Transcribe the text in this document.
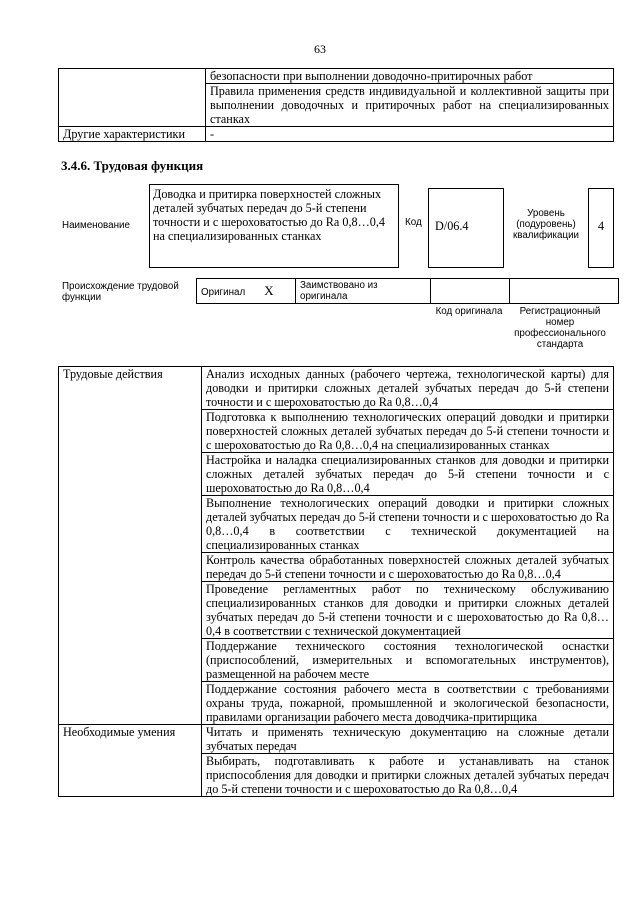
63
	безопасности при выполнении доводочно-притирочных работ
	Правила применения средств индивидуальной и коллективной защиты при выполнении доводочных и притирочных работ на специализированных станках
Другие характеристики	-
3.4.6. Трудовая функция
Наименование
Доводка и притирка поверхностей сложных деталей зубчатых передач до 5-й степени точности и с шероховатостью до Ra 0,8…0,4 на специализированных станках
Код D/06.4
Уровень (подуровень) квалификации
4
Происхождение трудовой функции	Оригинал X	Заимствовано из оригинала		
Код оригинала	Регистрационный номер профессионального стандарта
Трудовые действия	Анализ исходных данных (рабочего чертежа, технологической карты) для доводки и притирки сложных деталей зубчатых передач до 5-й степени точности и с шероховатостью до Ra 0,8…0,4
	Подготовка к выполнению технологических операций доводки и притирки поверхностей сложных деталей зубчатых передач до 5-й степени точности и с шероховатостью до Ra 0,8…0,4 на специализированных станках
	Настройка и наладка специализированных станков для доводки и притирки сложных деталей зубчатых передач до 5-й степени точности и с шероховатостью до Ra 0,8…0,4
	Выполнение технологических операций доводки и притирки сложных деталей зубчатых передач до 5-й степени точности и с шероховатостью до Ra 0,8…0,4 в соответствии с технической документацией на специализированных станках
	Контроль качества обработанных поверхностей сложных деталей зубчатых передач до 5-й степени точности и с шероховатостью до Ra 0,8…0,4
	Проведение регламентных работ по техническому обслуживанию специализированных станков для доводки и притирки сложных деталей зубчатых передач до 5-й степени точности и с шероховатостью до Ra 0,8…0,4 в соответствии с технической документацией
	Поддержание технического состояния технологической оснастки (приспособлений, измерительных и вспомогательных инструментов), размещенной на рабочем месте
	Поддержание состояния рабочего места в соответствии с требованиями охраны труда, пожарной, промышленной и экологической безопасности, правилами организации рабочего места доводчика-притирщика
Необходимые умения	Читать и применять техническую документацию на сложные детали зубчатых передач
	Выбирать, подготавливать к работе и устанавливать на станок приспособления для доводки и притирки сложных деталей зубчатых передач до 5-й степени точности и с шероховатостью до Ra 0,8…0,4
